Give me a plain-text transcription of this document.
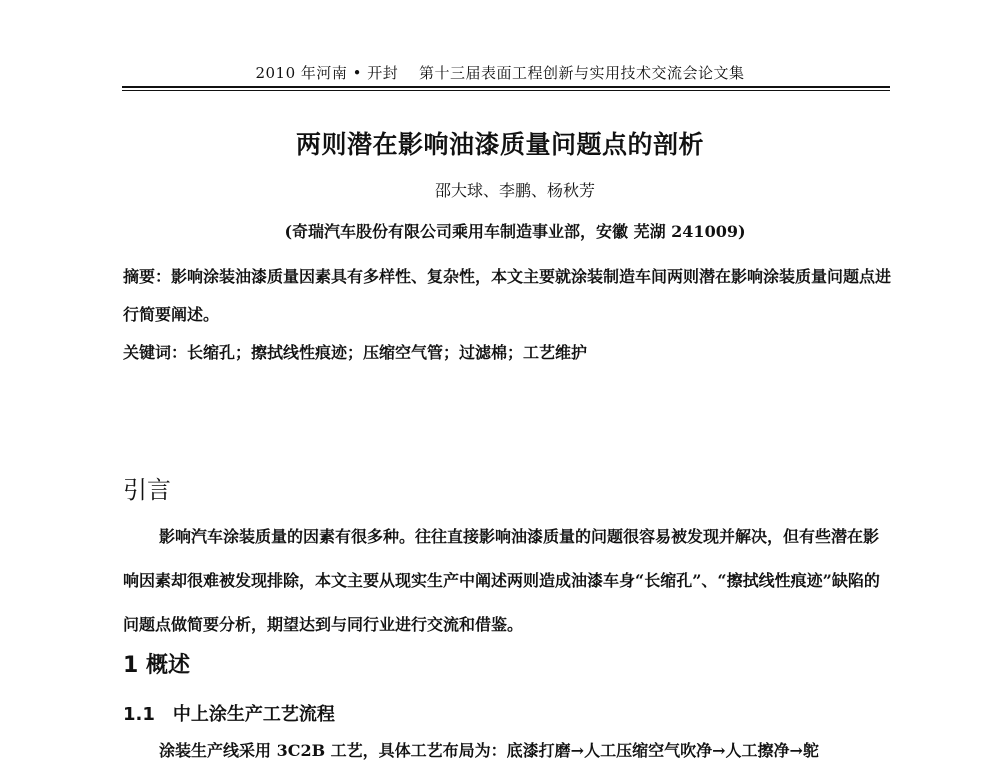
2010 年河南 • 开封　 第十三届表面工程创新与实用技术交流会论文集
两则潜在影响油漆质量问题点的剖析
邵大球、李鹏、杨秋芳
(奇瑞汽车股份有限公司乘用车制造事业部，安徽 芜湖 241009)

摘要：影响涂装油漆质量因素具有多样性、复杂性，本文主要就涂装制造车间两则潜在影响涂装质量问题点进行简要阐述。

关键词：长缩孔；擦拭线性痕迹；压缩空气管；过滤棉；工艺维护

引言

影响汽车涂装质量的因素有很多种。往往直接影响油漆质量的问题很容易被发现并解决，但有些潜在影响因素却很难被发现排除，本文主要从现实生产中阐述两则造成油漆车身“长缩孔”、“擦拭线性痕迹”缺陷的问题点做简要分析，期望达到与同行业进行交流和借鉴。

1 概述
1.1 中上涂生产工艺流程

涂装生产线采用 3C2B 工艺，具体工艺布局为：底漆打磨→人工压缩空气吹净→人工擦净→鸵
